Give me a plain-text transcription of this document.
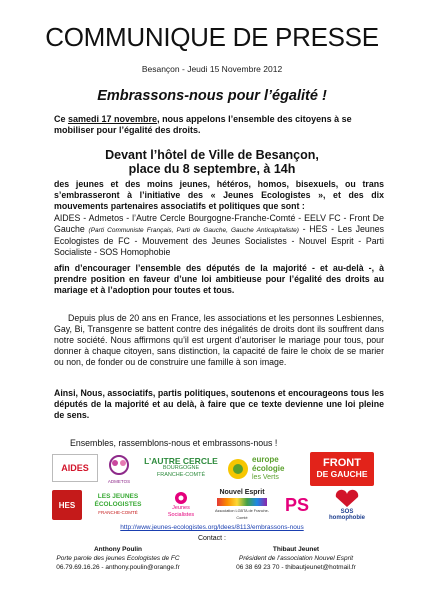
COMMUNIQUE DE PRESSE
Besançon - Jeudi 15 Novembre 2012
Embrassons-nous pour l’égalité !
Ce samedi 17 novembre, nous appelons l’ensemble des citoyens à se mobiliser pour l’égalité des droits.
Devant l’hôtel de Ville de Besançon,
place du 8 septembre, à 14h
des jeunes et des moins jeunes, hétéros, homos, bisexuels, ou trans s’embrasseront à l’initiative des « Jeunes Ecologistes », et des dix mouvements partenaires associatifs et politiques que sont :
AIDES - Admetos - l’Autre Cercle Bourgogne-Franche-Comté - EELV FC - Front De Gauche (Parti Communiste Français, Parti de Gauche, Gauche Anticapitaliste) - HES - Les Jeunes Ecologistes de FC - Mouvement des Jeunes Socialistes - Nouvel Esprit - Parti Socialiste - SOS Homophobie
afin d’encourager l’ensemble des députés de la majorité - et au-delà -, à prendre position en faveur d’une loi ambitieuse pour l’égalité des droits au mariage et à l’adoption pour toutes et tous.
Depuis plus de 20 ans en France, les associations et les personnes Lesbiennes, Gay, Bi, Transgenre se battent contre des inégalités de droits dont ils souffrent dans notre société. Nous affirmons qu’il est urgent d’autoriser le mariage pour tous, pour donner à chaque citoyen, sans distinction, la capacité de faire le choix de se marier ou non, de fonder ou de construire une famille à son image.
Ainsi, Nous, associatifs, partis politiques, soutenons et encourageons tous les députés de la majorité et au delà, à faire que ce texte devienne une loi pleine de sens.
Ensembles, rassemblons-nous et embrassons-nous !
AIDES
ADMETOS
L’AUTRE CERCLE
BOURGOGNE
FRANCHE-COMTÉ
europe
écologie
les Verts
FRONT
DE GAUCHE
HES
LES JEUNES
ÉCOLOGISTES
FRANCHE-COMTÉ
Jeunes
Socialistes
Nouvel Esprit
Association LGBTA de Franche-Comté
PS	SOS homophobie
http://www.jeunes-ecologistes.org/ldees/8113/embrassons-nous
Contact :
Anthony Poulin
Porte parole des jeunes Ecologistes de FC
06.79.69.16.26 - anthony.poulin@orange.fr
Thibaut Jeunet
Président de l’association Nouvel Esprit
06 38 69 23 70 - thibautjeunet@hotmail.fr
